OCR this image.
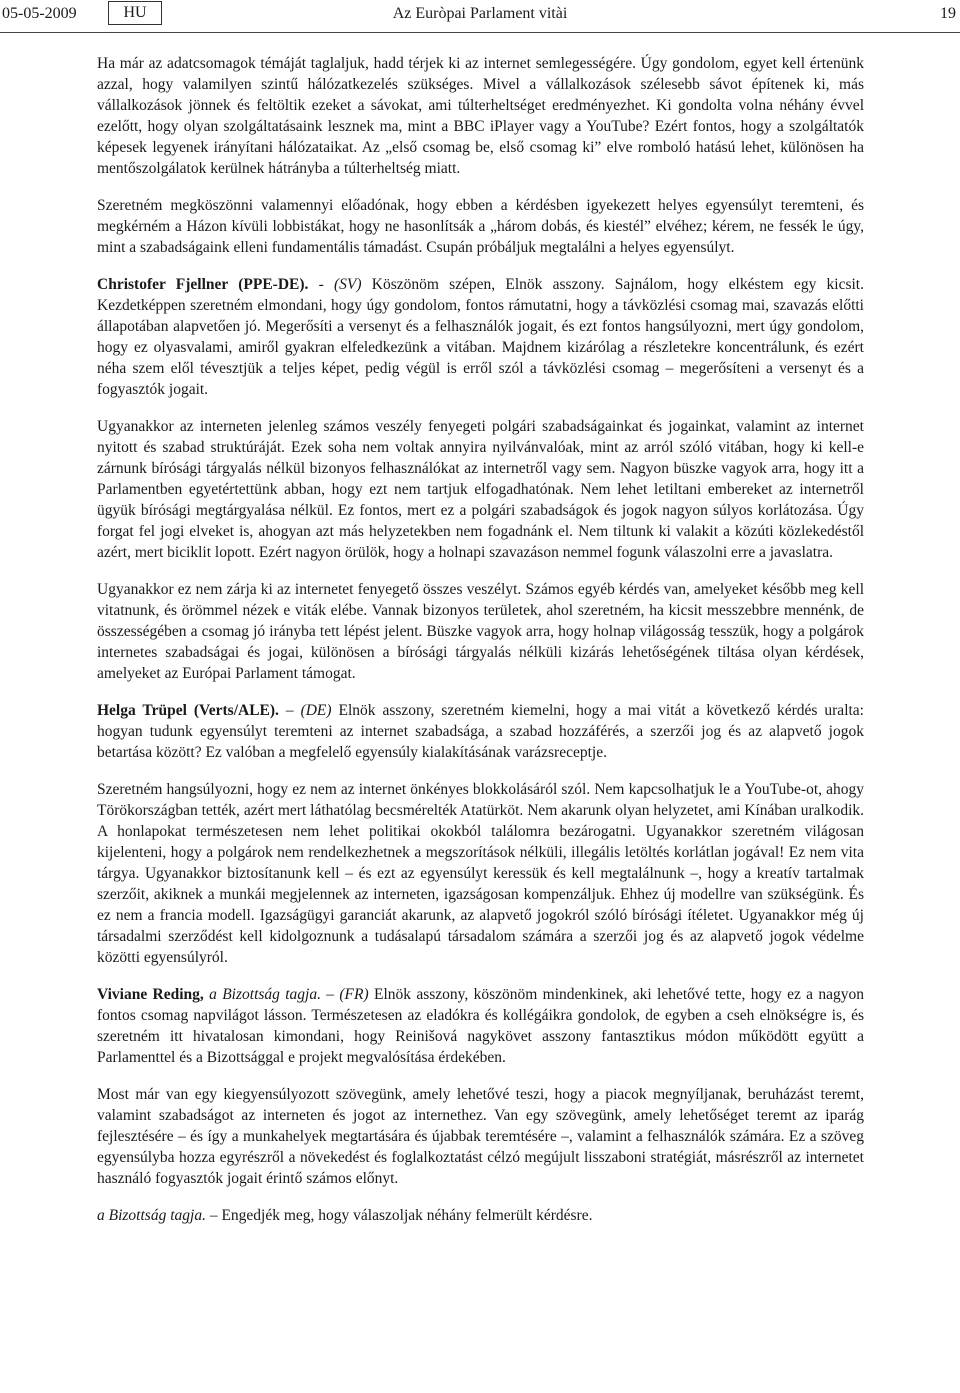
05-05-2009	HU	Az Euròpai Parlament vitài	19

Ha már az adatcsomagok témáját taglaljuk, hadd térjek ki az internet semlegességére. Úgy gondolom, egyet kell értenünk azzal, hogy valamilyen szintű hálózatkezelés szükséges. Mivel a vállalkozások szélesebb sávot építenek ki, más vállalkozások jönnek és feltöltik ezeket a sávokat, ami túlterheltséget eredményezhet. Ki gondolta volna néhány évvel ezelőtt, hogy olyan szolgáltatásaink lesznek ma, mint a BBC iPlayer vagy a YouTube? Ezért fontos, hogy a szolgáltatók képesek legyenek irányítani hálózataikat. Az „első csomag be, első csomag ki” elve romboló hatású lehet, különösen ha mentőszolgálatok kerülnek hátrányba a túlterheltség miatt.

Szeretném megköszönni valamennyi előadónak, hogy ebben a kérdésben igyekezett helyes egyensúlyt teremteni, és megkérném a Házon kívüli lobbistákat, hogy ne hasonlítsák a „három dobás, és kiestél” elvéhez; kérem, ne fessék le úgy, mint a szabadságaink elleni fundamentális támadást. Csupán próbáljuk megtalálni a helyes egyensúlyt.

Christofer Fjellner (PPE-DE). - (SV) Köszönöm szépen, Elnök asszony. Sajnálom, hogy elkéstem egy kicsit. Kezdetképpen szeretném elmondani, hogy úgy gondolom, fontos rámutatni, hogy a távközlési csomag mai, szavazás előtti állapotában alapvetően jó. Megerősíti a versenyt és a felhasználók jogait, és ezt fontos hangsúlyozni, mert úgy gondolom, hogy ez olyasvalami, amiről gyakran elfeledkezünk a vitában. Majdnem kizárólag a részletekre koncentrálunk, és ezért néha szem elől tévesztjük a teljes képet, pedig végül is erről szól a távközlési csomag – megerősíteni a versenyt és a fogyasztók jogait.

Ugyanakkor az interneten jelenleg számos veszély fenyegeti polgári szabadságainkat és jogainkat, valamint az internet nyitott és szabad struktúráját. Ezek soha nem voltak annyira nyilvánvalóak, mint az arról szóló vitában, hogy ki kell-e zárnunk bírósági tárgyalás nélkül bizonyos felhasználókat az internetről vagy sem. Nagyon büszke vagyok arra, hogy itt a Parlamentben egyetértettünk abban, hogy ezt nem tartjuk elfogadhatónak. Nem lehet letiltani embereket az internetről ügyük bírósági megtárgyalása nélkül. Ez fontos, mert ez a polgári szabadságok és jogok nagyon súlyos korlátozása. Úgy forgat fel jogi elveket is, ahogyan azt más helyzetekben nem fogadnánk el. Nem tiltunk ki valakit a közúti közlekedéstől azért, mert biciklit lopott. Ezért nagyon örülök, hogy a holnapi szavazáson nemmel fogunk válaszolni erre a javaslatra.

Ugyanakkor ez nem zárja ki az internetet fenyegető összes veszélyt. Számos egyéb kérdés van, amelyeket később meg kell vitatnunk, és örömmel nézek e viták elébe. Vannak bizonyos területek, ahol szeretném, ha kicsit messzebbre mennénk, de összességében a csomag jó irányba tett lépést jelent. Büszke vagyok arra, hogy holnap világosság tesszük, hogy a polgárok internetes szabadságai és jogai, különösen a bírósági tárgyalás nélküli kizárás lehetőségének tiltása olyan kérdések, amelyeket az Európai Parlament támogat.

Helga Trüpel (Verts/ALE). – (DE) Elnök asszony, szeretném kiemelni, hogy a mai vitát a következő kérdés uralta: hogyan tudunk egyensúlyt teremteni az internet szabadsága, a szabad hozzáférés, a szerzői jog és az alapvető jogok betartása között? Ez valóban a megfelelő egyensúly kialakításának varázsreceptje.

Szeretném hangsúlyozni, hogy ez nem az internet önkényes blokkolásáról szól. Nem kapcsolhatjuk le a YouTube-ot, ahogy Törökországban tették, azért mert láthatólag becsmérelték Atatürköt. Nem akarunk olyan helyzetet, ami Kínában uralkodik. A honlapokat természetesen nem lehet politikai okokból találomra bezárogatni. Ugyanakkor szeretném világosan kijelenteni, hogy a polgárok nem rendelkezhetnek a megszorítások nélküli, illegális letöltés korlátlan jogával! Ez nem vita tárgya. Ugyanakkor biztosítanunk kell – és ezt az egyensúlyt keressük és kell megtalálnunk –, hogy a kreatív tartalmak szerzőit, akiknek a munkái megjelennek az interneten, igazságosan kompenzáljuk. Ehhez új modellre van szükségünk. És ez nem a francia modell. Igazságügyi garanciát akarunk, az alapvető jogokról szóló bírósági ítéletet. Ugyanakkor még új társadalmi szerződést kell kidolgoznunk a tudásalapú társadalom számára a szerzői jog és az alapvető jogok védelme közötti egyensúlyról.

Viviane Reding, a Bizottság tagja. – (FR) Elnök asszony, köszönöm mindenkinek, aki lehetővé tette, hogy ez a nagyon fontos csomag napvilágot lásson. Természetesen az eladókra és kollégáikra gondolok, de egyben a cseh elnökségre is, és szeretném itt hivatalosan kimondani, hogy Reinišová nagykövet asszony fantasztikus módon működött együtt a Parlamenttel és a Bizottsággal e projekt megvalósítása érdekében.

Most már van egy kiegyensúlyozott szövegünk, amely lehetővé teszi, hogy a piacok megnyíljanak, beruházást teremt, valamint szabadságot az interneten és jogot az internethez. Van egy szövegünk, amely lehetőséget teremt az iparág fejlesztésére – és így a munkahelyek megtartására és újabbak teremtésére –, valamint a felhasználók számára. Ez a szöveg egyensúlyba hozza egyrészről a növekedést és foglalkoztatást célzó megújult lisszaboni stratégiát, másrészről az internetet használó fogyasztók jogait érintő számos előnyt.

a Bizottság tagja. – Engedjék meg, hogy válaszoljak néhány felmerült kérdésre.
